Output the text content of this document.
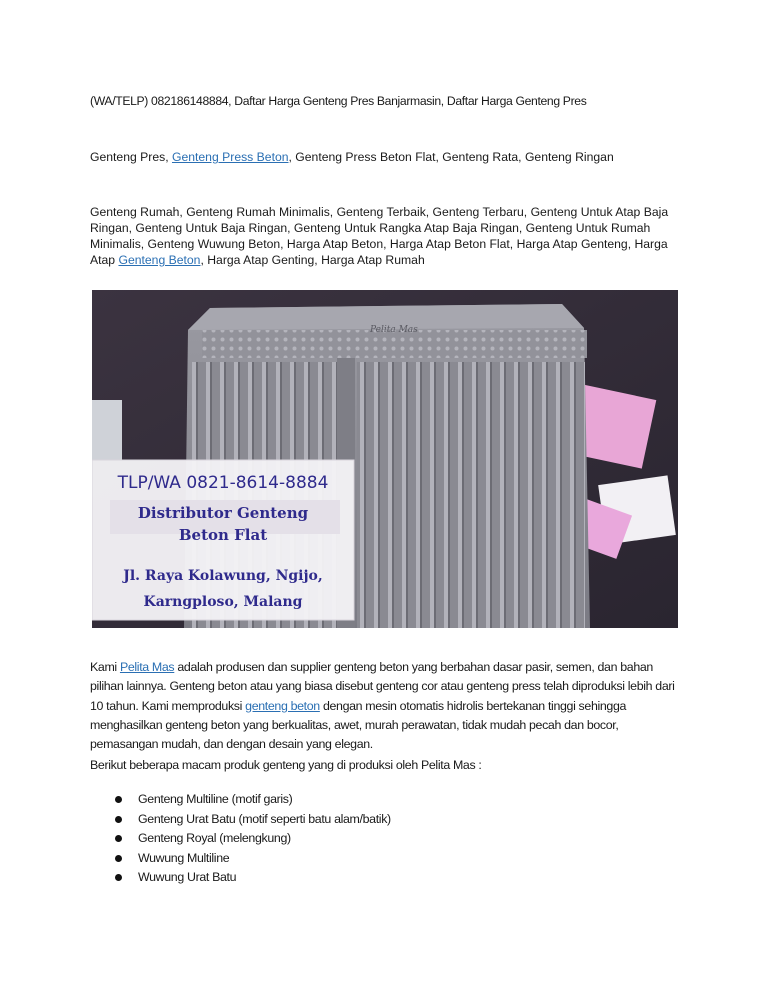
(WA/TELP) 082186148884, Daftar Harga Genteng Pres Banjarmasin, Daftar Harga Genteng Pres

Genteng Pres, Genteng Press Beton, Genteng Press Beton Flat, Genteng Rata, Genteng Ringan

Genteng Rumah, Genteng Rumah Minimalis, Genteng Terbaik, Genteng Terbaru, Genteng Untuk Atap Baja Ringan, Genteng Untuk Baja Ringan, Genteng Untuk Rangka Atap Baja Ringan, Genteng Untuk Rumah Minimalis, Genteng Wuwung Beton, Harga Atap Beton, Harga Atap Beton Flat, Harga Atap Genteng, Harga Atap Genteng Beton, Harga Atap Genting, Harga Atap Rumah

Pelita Mas
TLP/WA 0821-8614-8884
Distributor Genteng
Beton Flat
Jl. Raya Kolawung, Ngijo,
Karngploso, Malang

Kami Pelita Mas adalah produsen dan supplier genteng beton yang berbahan dasar pasir, semen, dan bahan pilihan lainnya. Genteng beton atau yang biasa disebut genteng cor atau genteng press telah diproduksi lebih dari 10 tahun. Kami memproduksi genteng beton dengan mesin otomatis hidrolis bertekanan tinggi sehingga menghasilkan genteng beton yang berkualitas, awet, murah perawatan, tidak mudah pecah dan bocor, pemasangan mudah, dan dengan desain yang elegan.

Berikut beberapa macam produk genteng yang di produksi oleh Pelita Mas :

Genteng Multiline (motif garis)
Genteng Urat Batu (motif seperti batu alam/batik)
Genteng Royal (melengkung)
Wuwung Multiline
Wuwung Urat Batu
